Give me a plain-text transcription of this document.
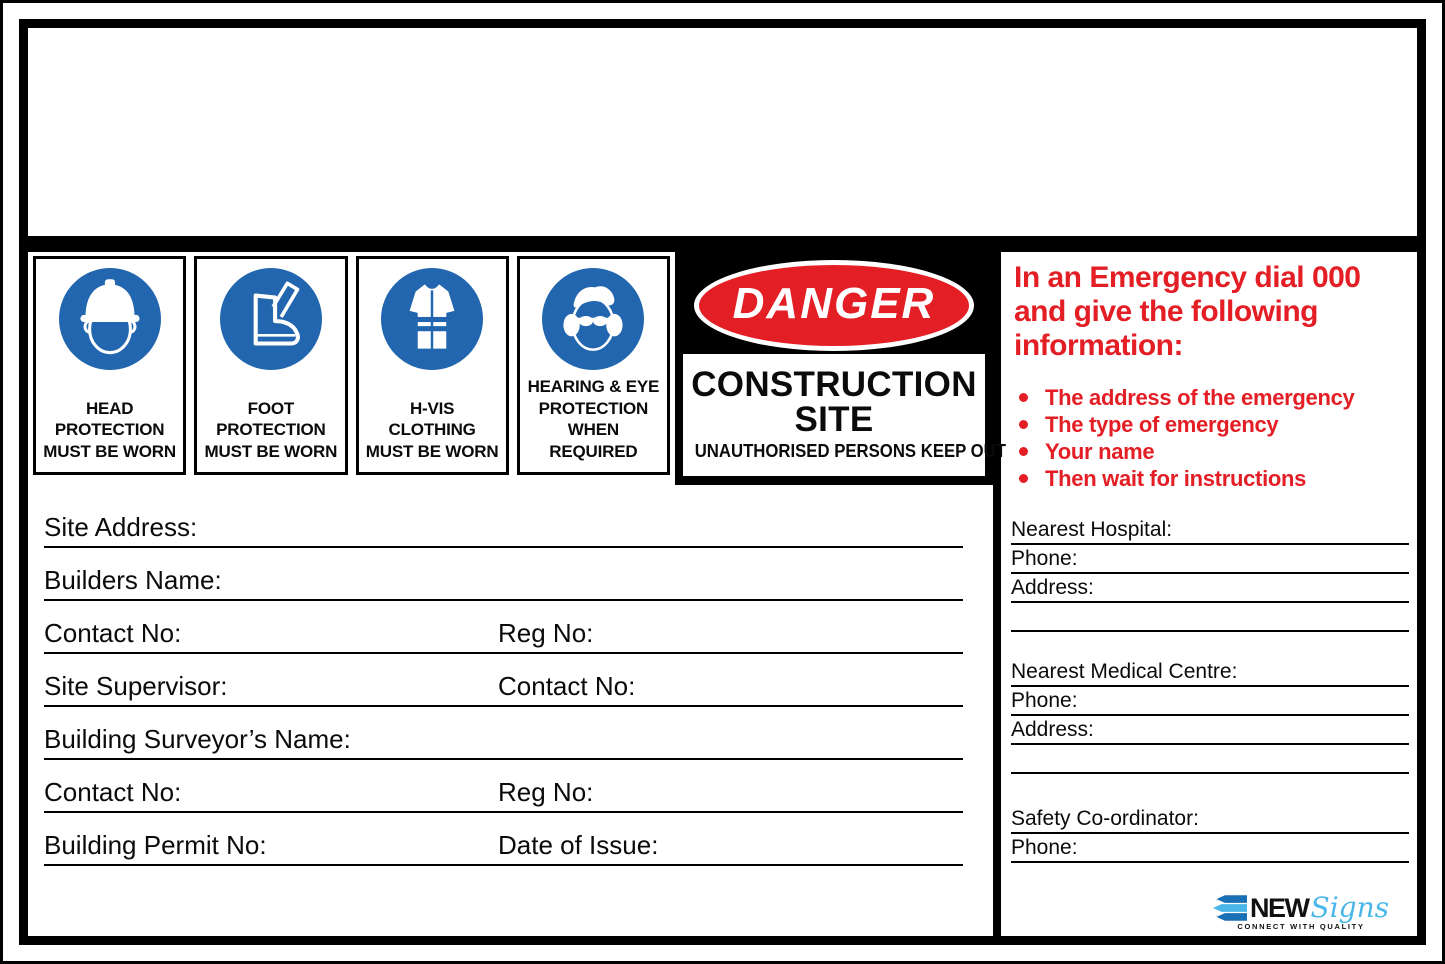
HEAD
PROTECTION
MUST BE WORN
FOOT
PROTECTION
MUST BE WORN
H-VIS
CLOTHING
MUST BE WORN
HEARING & EYE
PROTECTION
WHEN REQUIRED
DANGER
CONSTRUCTION
SITE
UNAUTHORISED PERSONS KEEP OUT
Site Address:
Builders Name:
Contact No:	Reg No:
Site Supervisor:	Contact No:
Building Surveyor’s Name:
Contact No:	Reg No:
Building Permit No:	Date of Issue:
In an Emergency dial 000
and give the following
information:
The address of the emergency
The type of emergency
Your name
Then wait for instructions
Nearest Hospital:
Phone:
Address:
Nearest Medical Centre:
Phone:
Address:
Safety Co-ordinator:
Phone:
NEW Signs
CONNECT WITH QUALITY
